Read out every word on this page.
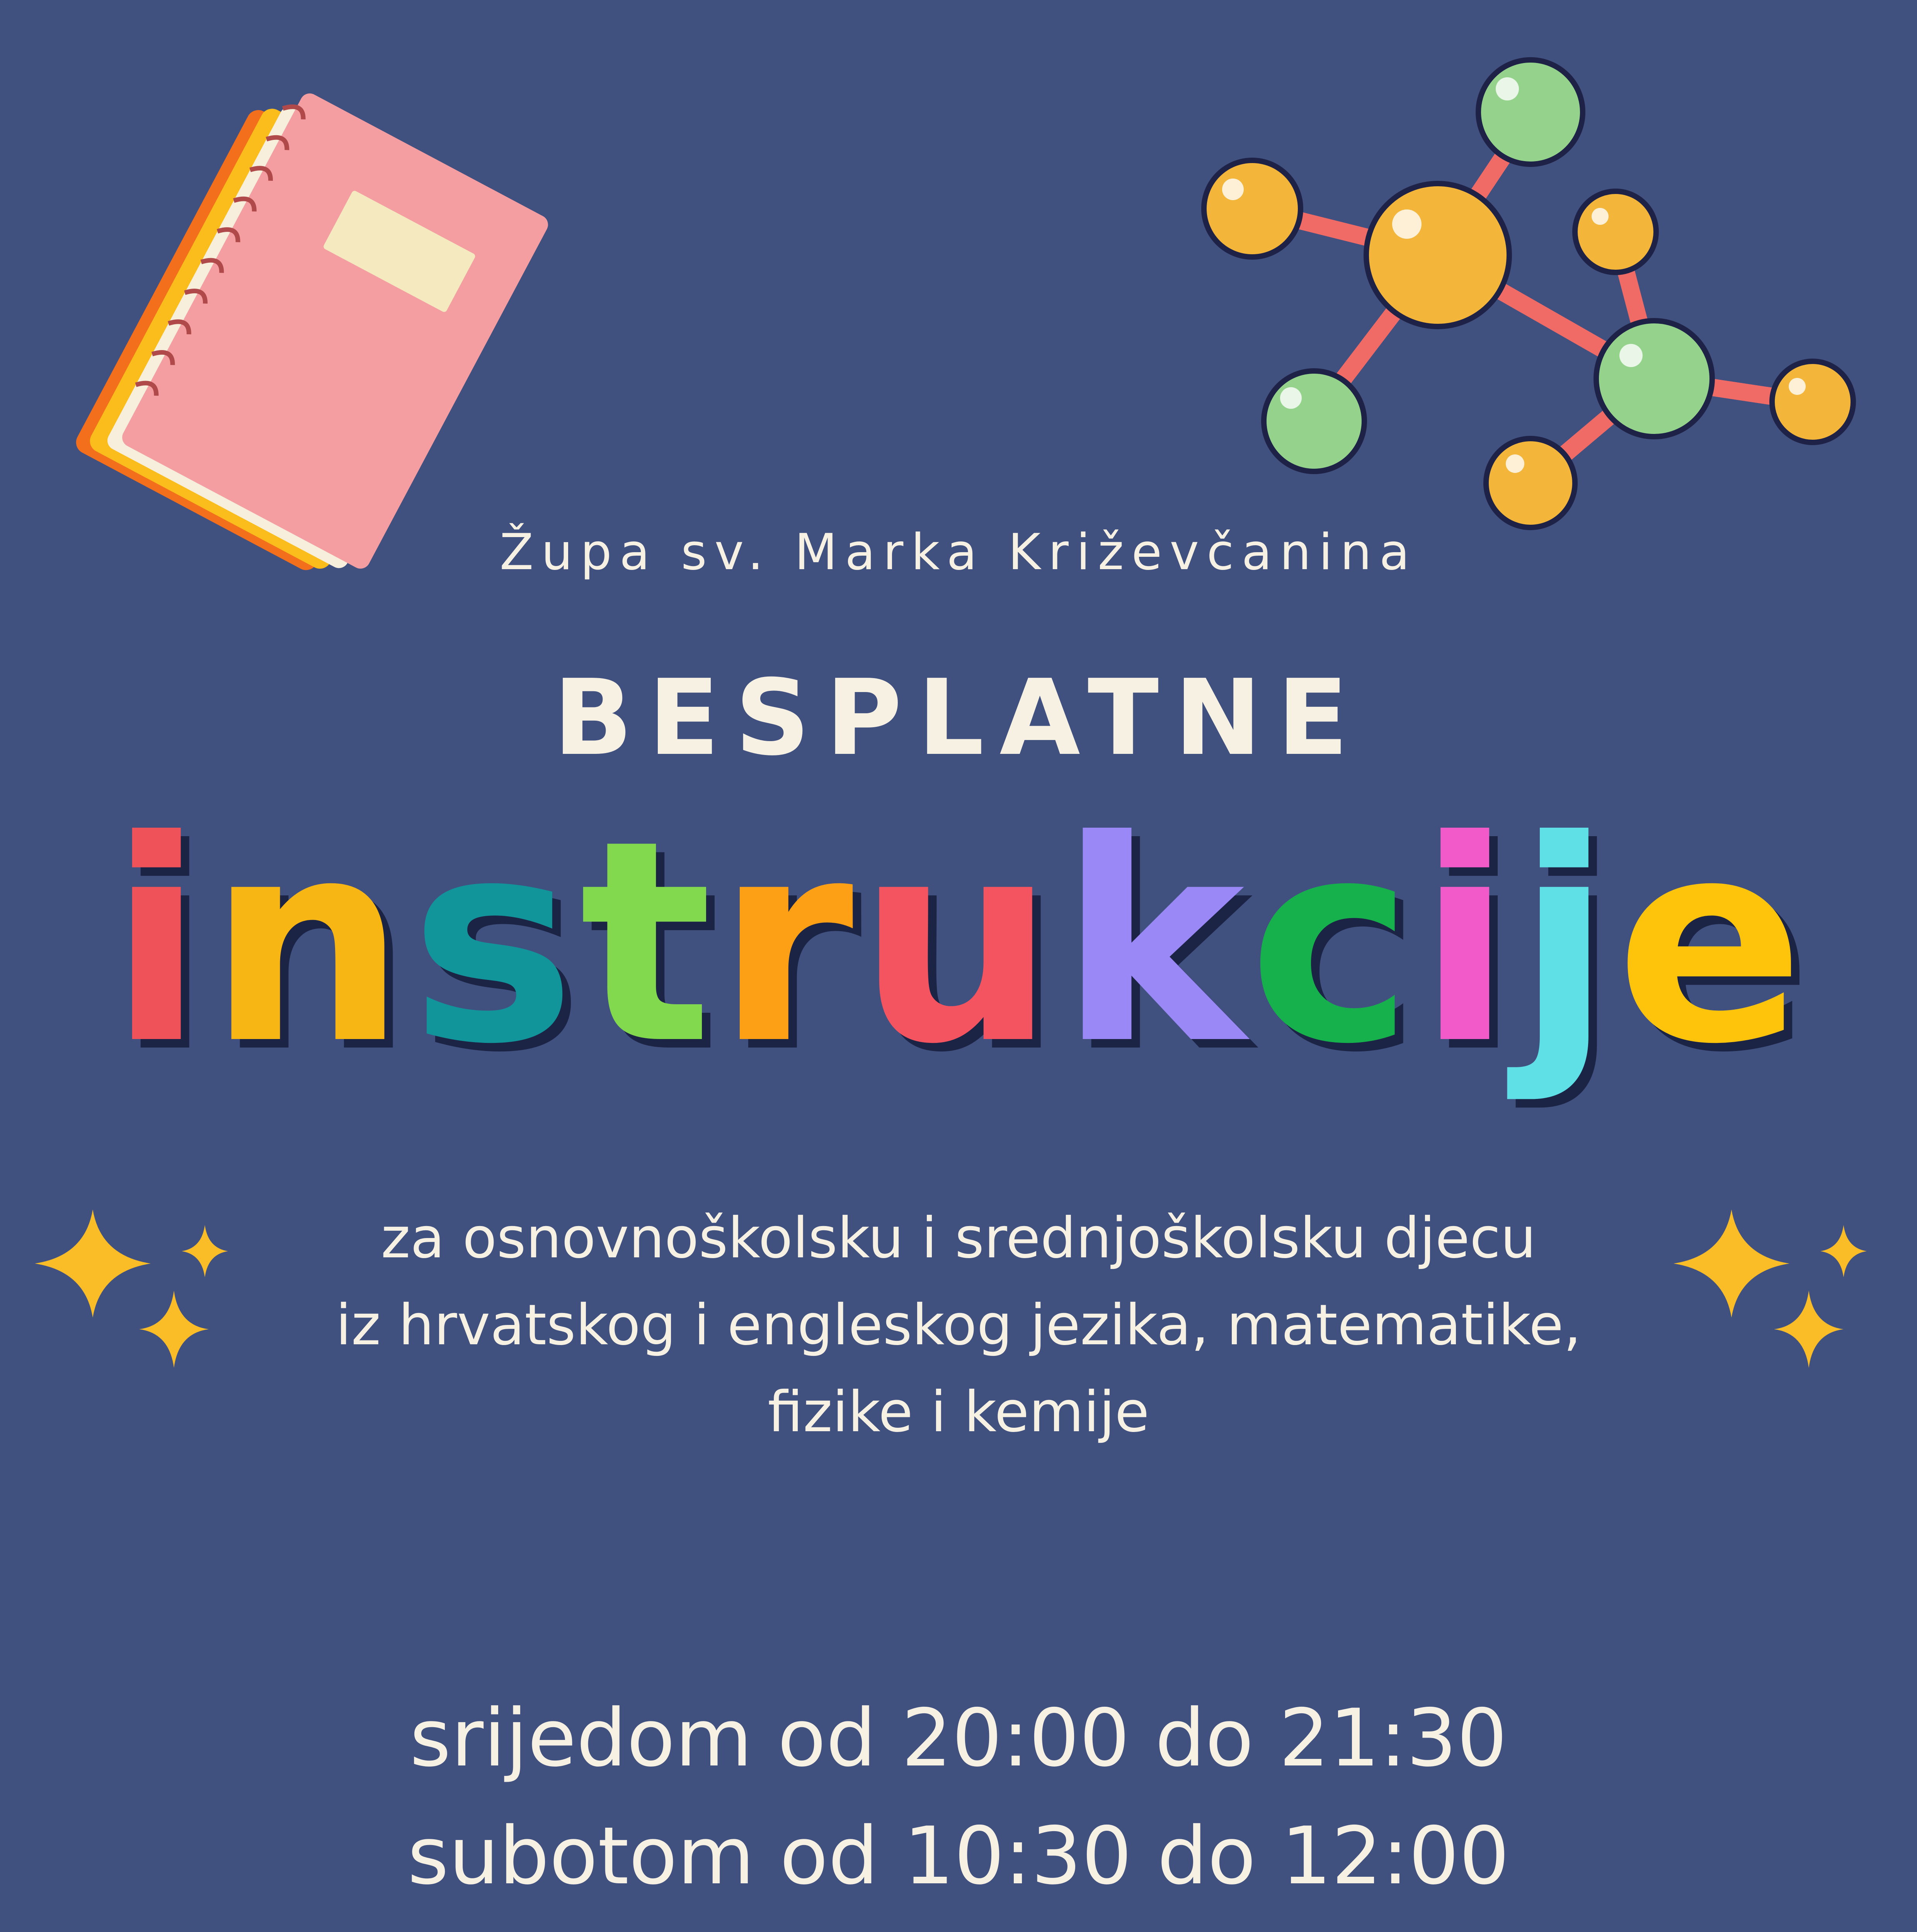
Župa sv. Marka Križevčanina
BESPLATNE
instrukcije
za osnovnoškolsku i srednjoškolsku djecu
iz hrvatskog i engleskog jezika, matematike,
fizike i kemije
srijedom od 20:00 do 21:30
subotom od 10:30 do 12:00
